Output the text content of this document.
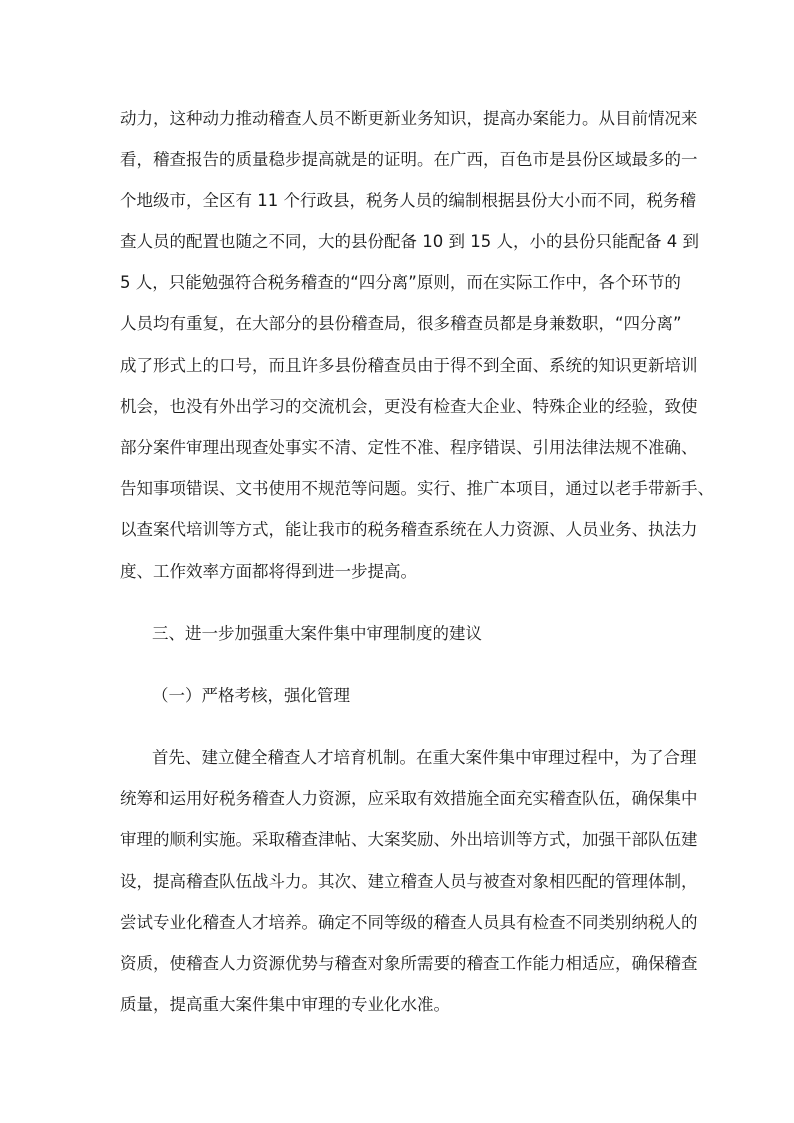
动力，这种动力推动稽查人员不断更新业务知识，提高办案能力。从目前情况来
看，稽查报告的质量稳步提高就是的证明。在广西，百色市是县份区域最多的一
个地级市，全区有 11 个行政县，税务人员的编制根据县份大小而不同，税务稽
查人员的配置也随之不同，大的县份配备 10 到 15 人，小的县份只能配备 4 到
5 人，只能勉强符合税务稽查的“四分离”原则，而在实际工作中，各个环节的
人员均有重复，在大部分的县份稽查局，很多稽查员都是身兼数职，“四分离”
成了形式上的口号，而且许多县份稽查员由于得不到全面、系统的知识更新培训
机会，也没有外出学习的交流机会，更没有检查大企业、特殊企业的经验，致使
部分案件审理出现查处事实不清、定性不准、程序错误、引用法律法规不准确、
告知事项错误、文书使用不规范等问题。实行、推广本项目，通过以老手带新手、
以查案代培训等方式，能让我市的税务稽查系统在人力资源、人员业务、执法力
度、工作效率方面都将得到进一步提高。
三、进一步加强重大案件集中审理制度的建议
（一）严格考核，强化管理
首先、建立健全稽查人才培育机制。在重大案件集中审理过程中，为了合理
统筹和运用好税务稽查人力资源，应采取有效措施全面充实稽查队伍，确保集中
审理的顺利实施。采取稽查津帖、大案奖励、外出培训等方式，加强干部队伍建
设，提高稽查队伍战斗力。其次、建立稽查人员与被查对象相匹配的管理体制，
尝试专业化稽查人才培养。确定不同等级的稽查人员具有检查不同类别纳税人的
资质，使稽查人力资源优势与稽查对象所需要的稽查工作能力相适应，确保稽查
质量，提高重大案件集中审理的专业化水准。
